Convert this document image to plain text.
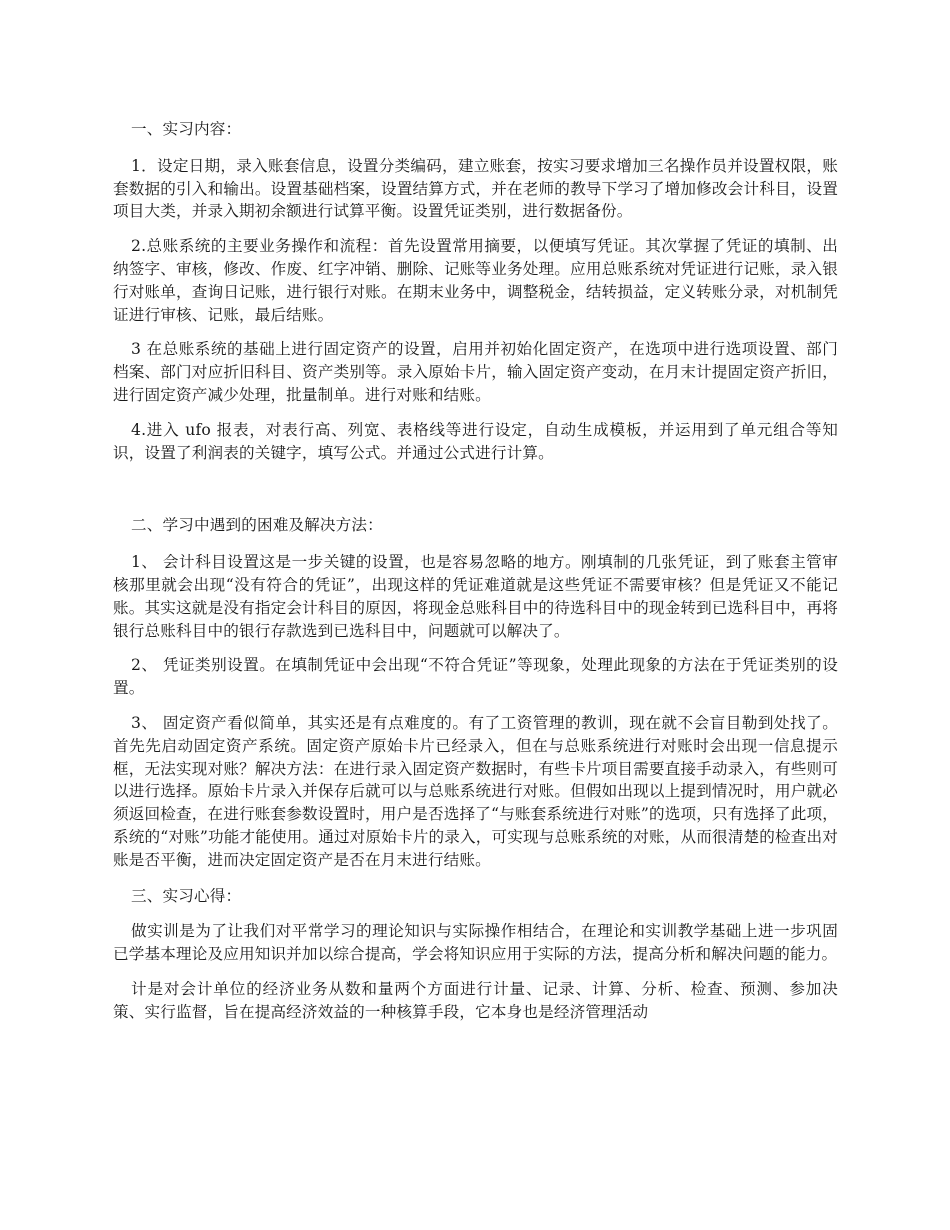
一、实习内容：

1．设定日期，录入账套信息，设置分类编码，建立账套，按实习要求增加三名操作员并设置权限，账套数据的引入和输出。设置基础档案，设置结算方式，并在老师的教导下学习了增加修改会计科目，设置项目大类，并录入期初余额进行试算平衡。设置凭证类别，进行数据备份。

2.总账系统的主要业务操作和流程：首先设置常用摘要，以便填写凭证。其次掌握了凭证的填制、出纳签字、审核，修改、作废、红字冲销、删除、记账等业务处理。应用总账系统对凭证进行记账，录入银行对账单，查询日记账，进行银行对账。在期末业务中，调整税金，结转损益，定义转账分录，对机制凭证进行审核、记账，最后结账。

3 在总账系统的基础上进行固定资产的设置，启用并初始化固定资产，在选项中进行选项设置、部门档案、部门对应折旧科目、资产类别等。录入原始卡片，输入固定资产变动，在月末计提固定资产折旧，进行固定资产减少处理，批量制单。进行对账和结账。

4.进入 ufo 报表，对表行高、列宽、表格线等进行设定，自动生成模板，并运用到了单元组合等知识，设置了利润表的关键字，填写公式。并通过公式进行计算。

二、学习中遇到的困难及解决方法：

1、 会计科目设置这是一步关键的设置，也是容易忽略的地方。刚填制的几张凭证，到了账套主管审核那里就会出现“没有符合的凭证”，出现这样的凭证难道就是这些凭证不需要审核？但是凭证又不能记账。其实这就是没有指定会计科目的原因，将现金总账科目中的待选科目中的现金转到已选科目中，再将银行总账科目中的银行存款选到已选科目中，问题就可以解决了。

2、 凭证类别设置。在填制凭证中会出现“不符合凭证”等现象，处理此现象的方法在于凭证类别的设置。

3、 固定资产看似简单，其实还是有点难度的。有了工资管理的教训，现在就不会盲目勒到处找了。首先先启动固定资产系统。固定资产原始卡片已经录入，但在与总账系统进行对账时会出现一信息提示框，无法实现对账？解决方法：在进行录入固定资产数据时，有些卡片项目需要直接手动录入，有些则可以进行选择。原始卡片录入并保存后就可以与总账系统进行对账。但假如出现以上提到情况时，用户就必须返回检查，在进行账套参数设置时，用户是否选择了“与账套系统进行对账”的选项，只有选择了此项，系统的“对账”功能才能使用。通过对原始卡片的录入，可实现与总账系统的对账，从而很清楚的检查出对账是否平衡，进而决定固定资产是否在月末进行结账。

三、实习心得：

做实训是为了让我们对平常学习的理论知识与实际操作相结合，在理论和实训教学基础上进一步巩固已学基本理论及应用知识并加以综合提高，学会将知识应用于实际的方法，提高分析和解决问题的能力。

计是对会计单位的经济业务从数和量两个方面进行计量、记录、计算、分析、检查、预测、参加决策、实行监督，旨在提高经济效益的一种核算手段，它本身也是经济管理活动
